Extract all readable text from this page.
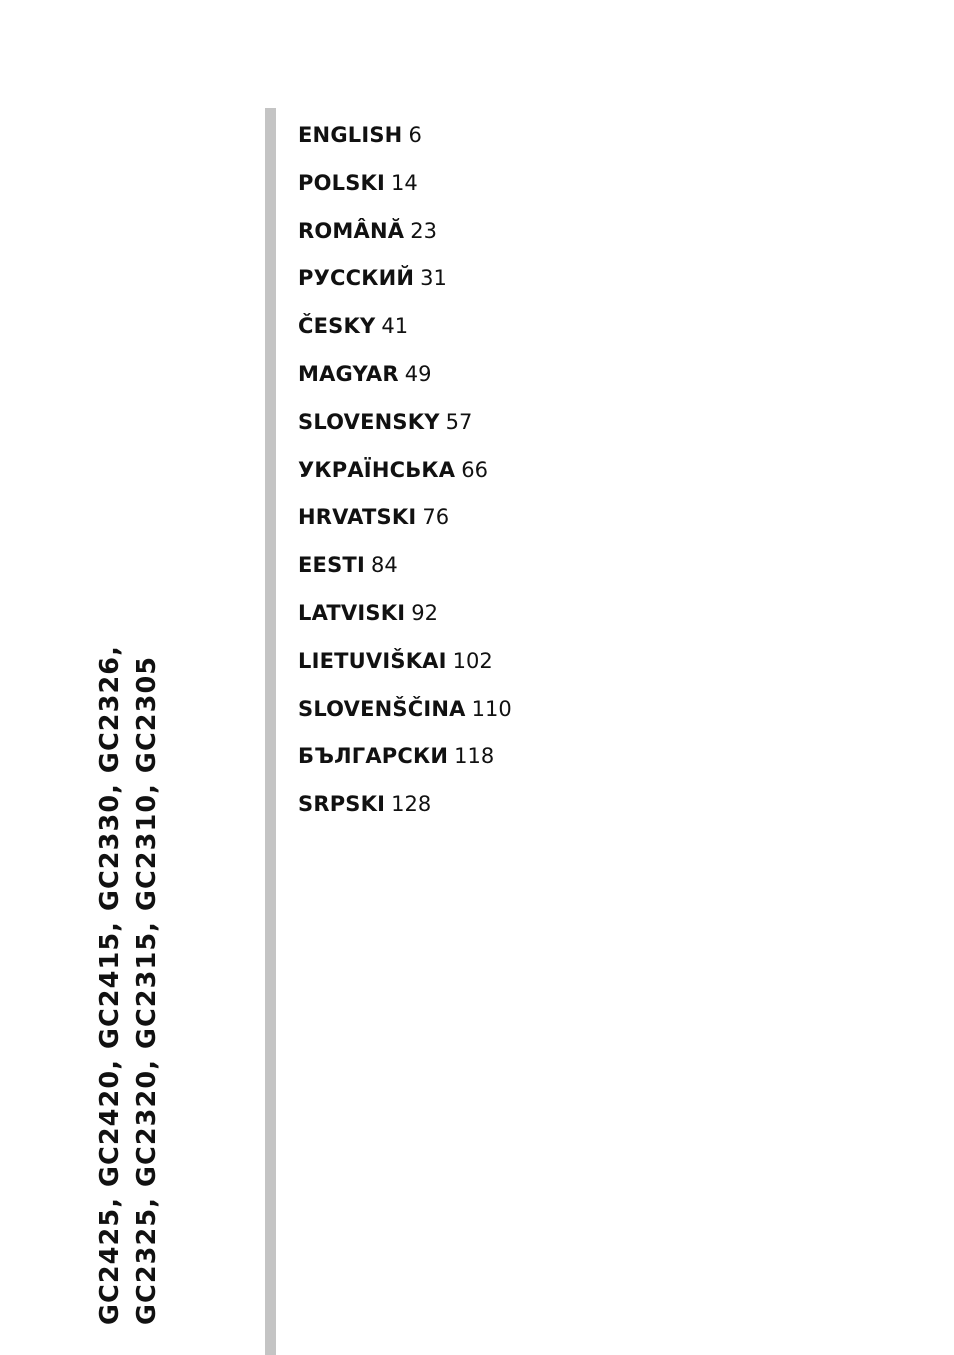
ENGLISH 6
POLSKI 14
ROMÂNĂ 23
РУССКИЙ 31
ČESKY 41
MAGYAR 49
SLOVENSKY 57
УКРАЇНСЬКА 66
HRVATSKI 76
EESTI 84
LATVISKI 92
LIETUVIŠKAI 102
SLOVENŠČINA 110
БЪЛГАРСКИ 118
SRPSKI 128
GC2425, GC2420, GC2415, GC2330, GC2326, GC2325, GC2320, GC2315, GC2310, GC2305
